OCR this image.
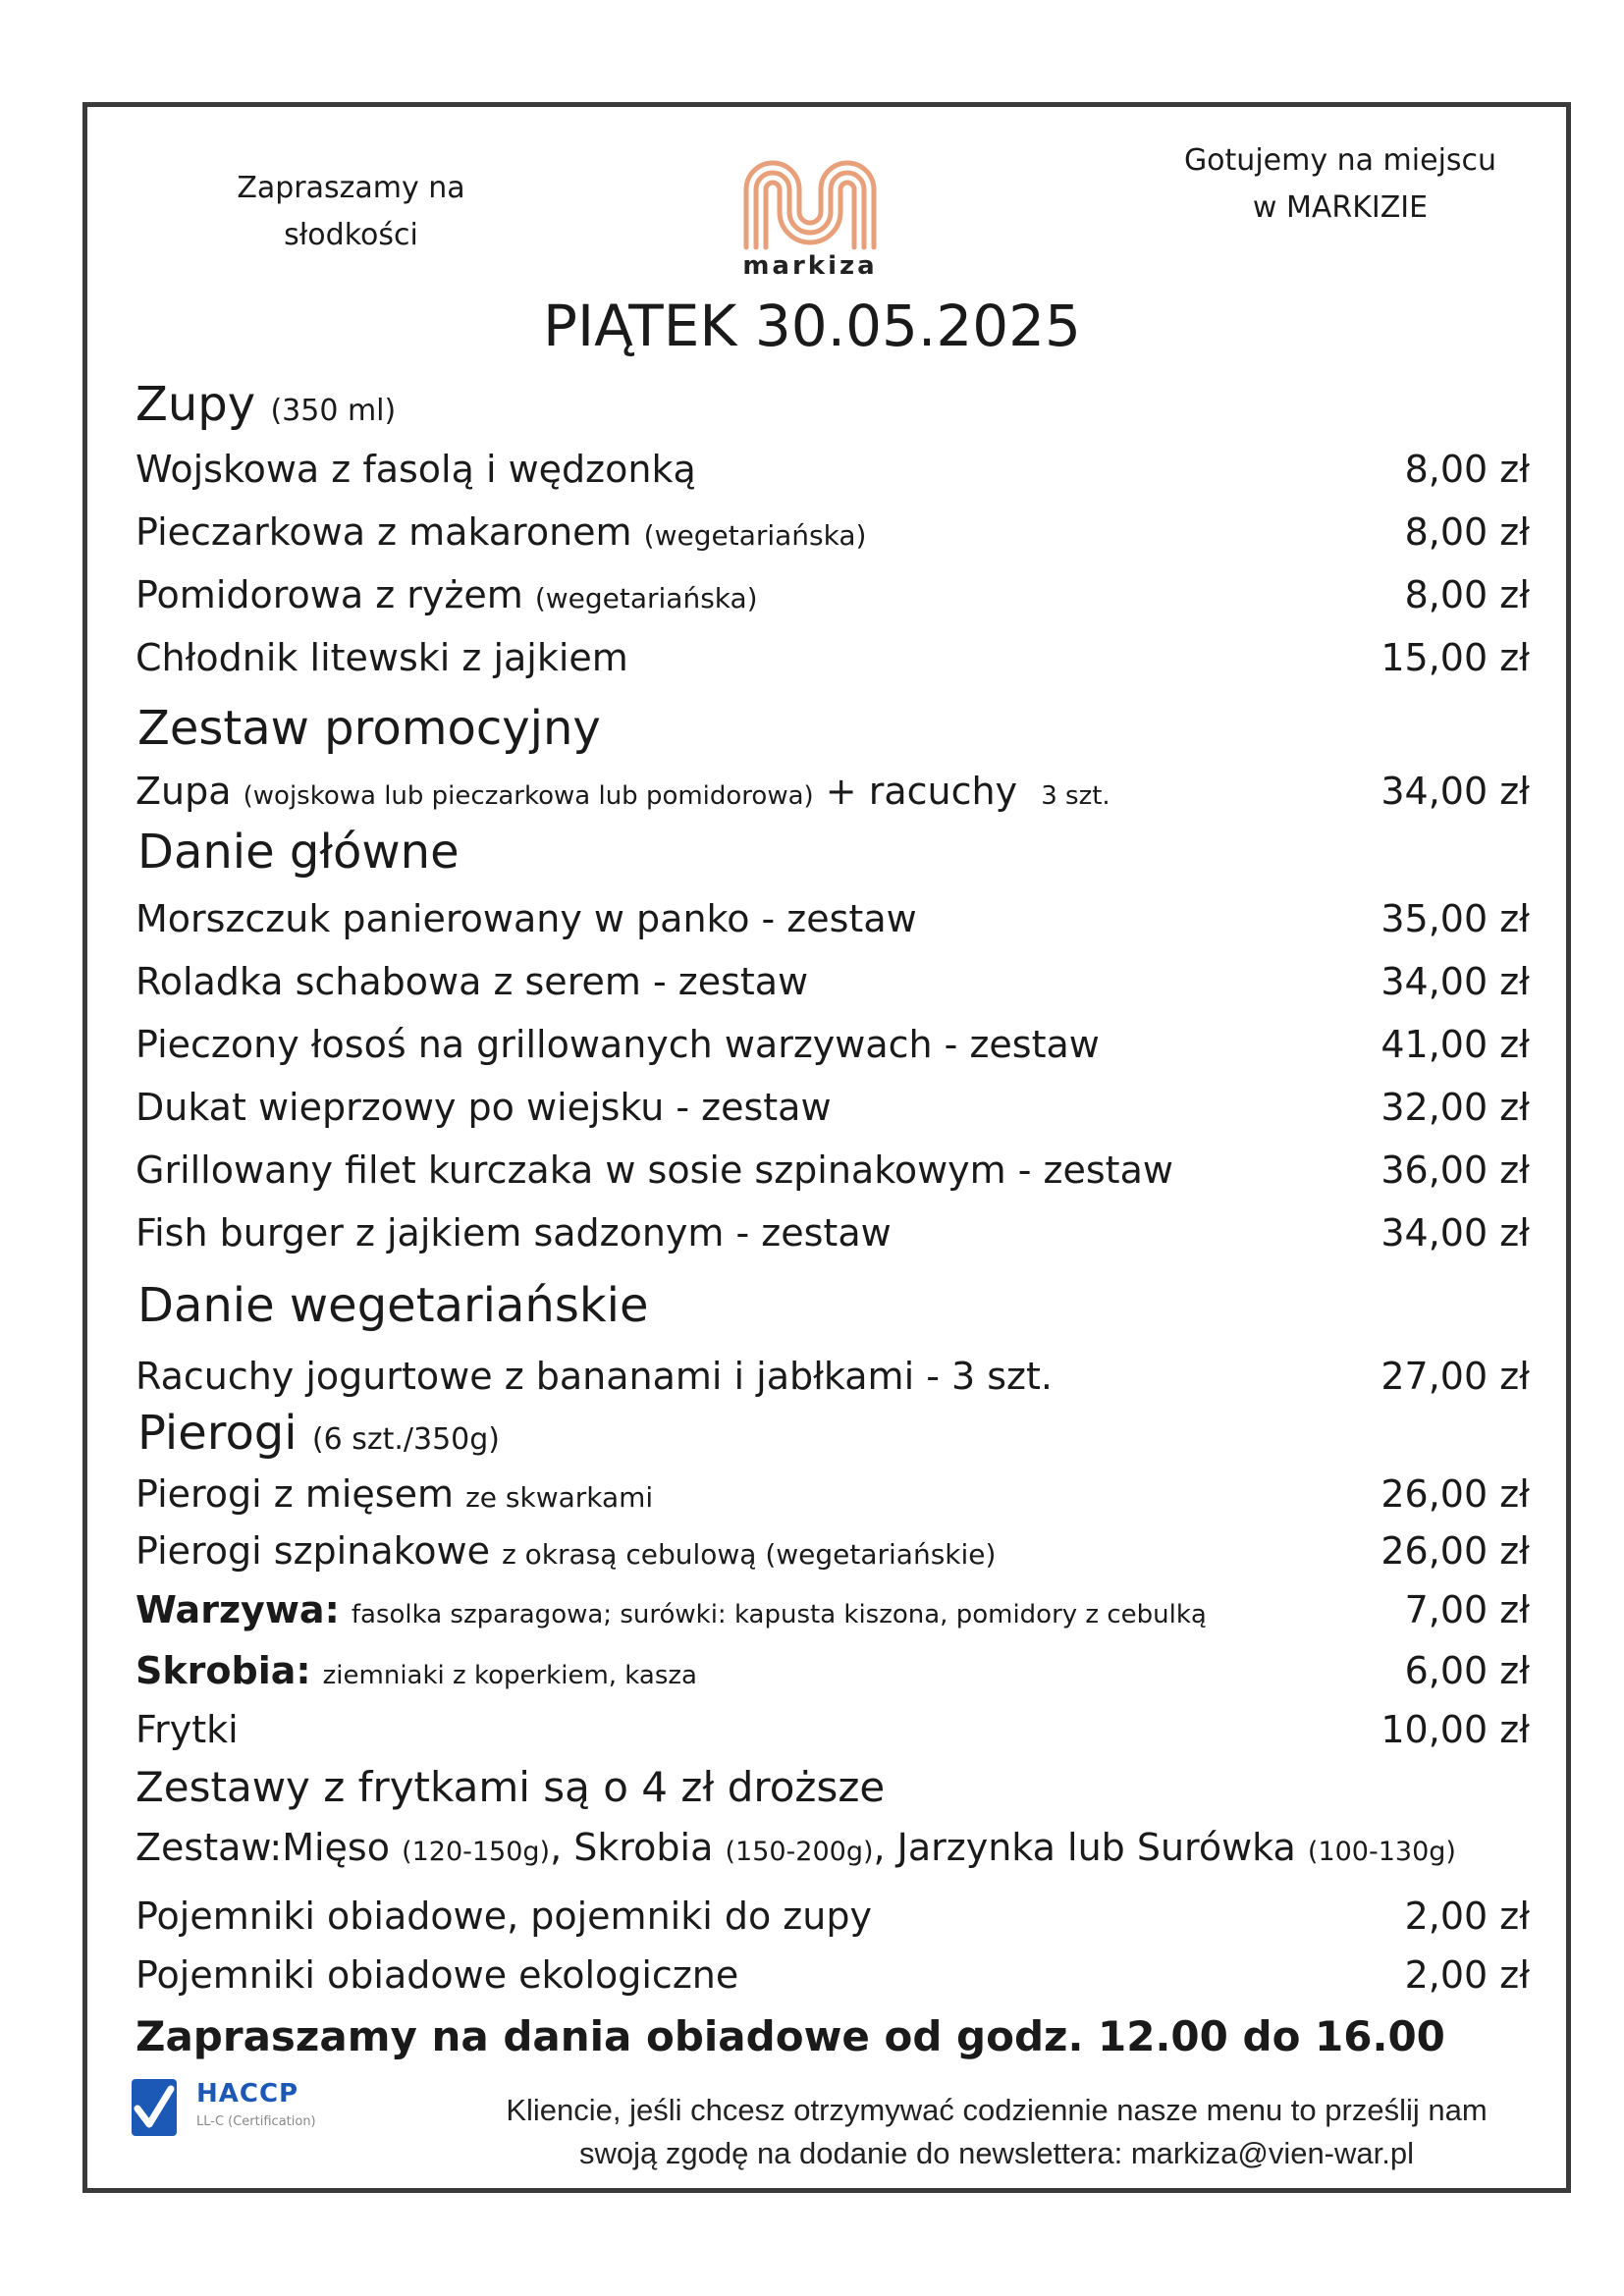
Zapraszamy na
słodkości
markiza
Gotujemy na miejscu
w MARKIZIE
PIĄTEK 30.05.2025
Zupy (350 ml)
Wojskowa z fasolą i wędzonką	8,00 zł
Pieczarkowa z makaronem (wegetariańska)	8,00 zł
Pomidorowa z ryżem (wegetariańska)	8,00 zł
Chłodnik litewski z jajkiem	15,00 zł
Zestaw promocyjny
Zupa (wojskowa lub pieczarkowa lub pomidorowa) + racuchy 3 szt.	34,00 zł
Danie główne
Morszczuk panierowany w panko - zestaw	35,00 zł
Roladka schabowa z serem - zestaw	34,00 zł
Pieczony łosoś na grillowanych warzywach - zestaw	41,00 zł
Dukat wieprzowy po wiejsku - zestaw	32,00 zł
Grillowany filet kurczaka w sosie szpinakowym - zestaw	36,00 zł
Fish burger z jajkiem sadzonym - zestaw	34,00 zł
Danie wegetariańskie
Racuchy jogurtowe z bananami i jabłkami - 3 szt.	27,00 zł
Pierogi (6 szt./350g)
Pierogi z mięsem ze skwarkami	26,00 zł
Pierogi szpinakowe z okrasą cebulową (wegetariańskie)	26,00 zł
Warzywa: fasolka szparagowa; surówki: kapusta kiszona, pomidory z cebulką	7,00 zł
Skrobia: ziemniaki z koperkiem, kasza	6,00 zł
Frytki	10,00 zł
Zestawy z frytkami są o 4 zł droższe
Zestaw:Mięso (120-150g), Skrobia (150-200g), Jarzynka lub Surówka (100-130g)
Pojemniki obiadowe, pojemniki do zupy	2,00 zł
Pojemniki obiadowe ekologiczne	2,00 zł
Zapraszamy na dania obiadowe od godz. 12.00 do 16.00
HACCP
LL-C (Certification)	Kliencie, jeśli chcesz otrzymywać codziennie nasze menu to prześlij nam
swoją zgodę na dodanie do newslettera: markiza@vien-war.pl
